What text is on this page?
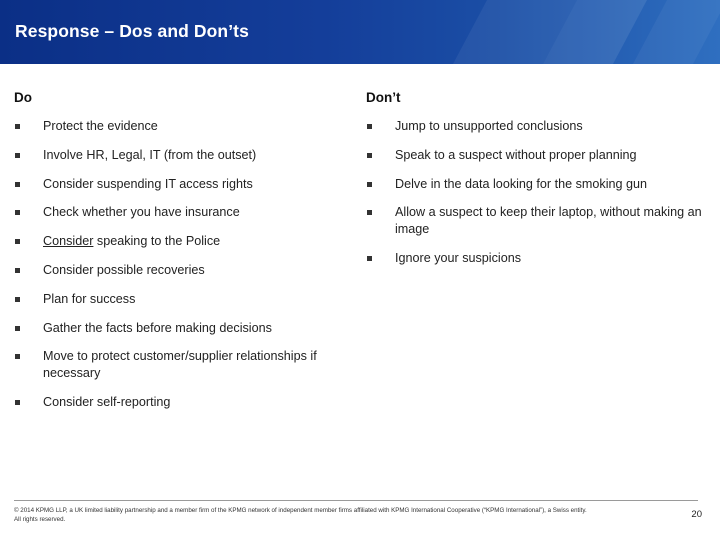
Response – Dos and Don’ts
Do	Don’t
Protect the evidence
Involve HR, Legal, IT (from the outset)
Consider suspending IT access rights
Check whether you have insurance
Consider speaking to the Police
Consider possible recoveries
Plan for success
Gather the facts before making decisions
Move to protect customer/supplier relationships if necessary
Consider self-reporting
Jump to unsupported conclusions
Speak to a suspect without proper planning
Delve in the data looking for the smoking gun
Allow a suspect to keep their laptop, without making an image
Ignore your suspicions
© 2014 KPMG LLP, a UK limited liability partnership and a member firm of the KPMG network of independent member firms affiliated with KPMG International Cooperative (“KPMG International”), a Swiss entity.
All rights reserved.	20
